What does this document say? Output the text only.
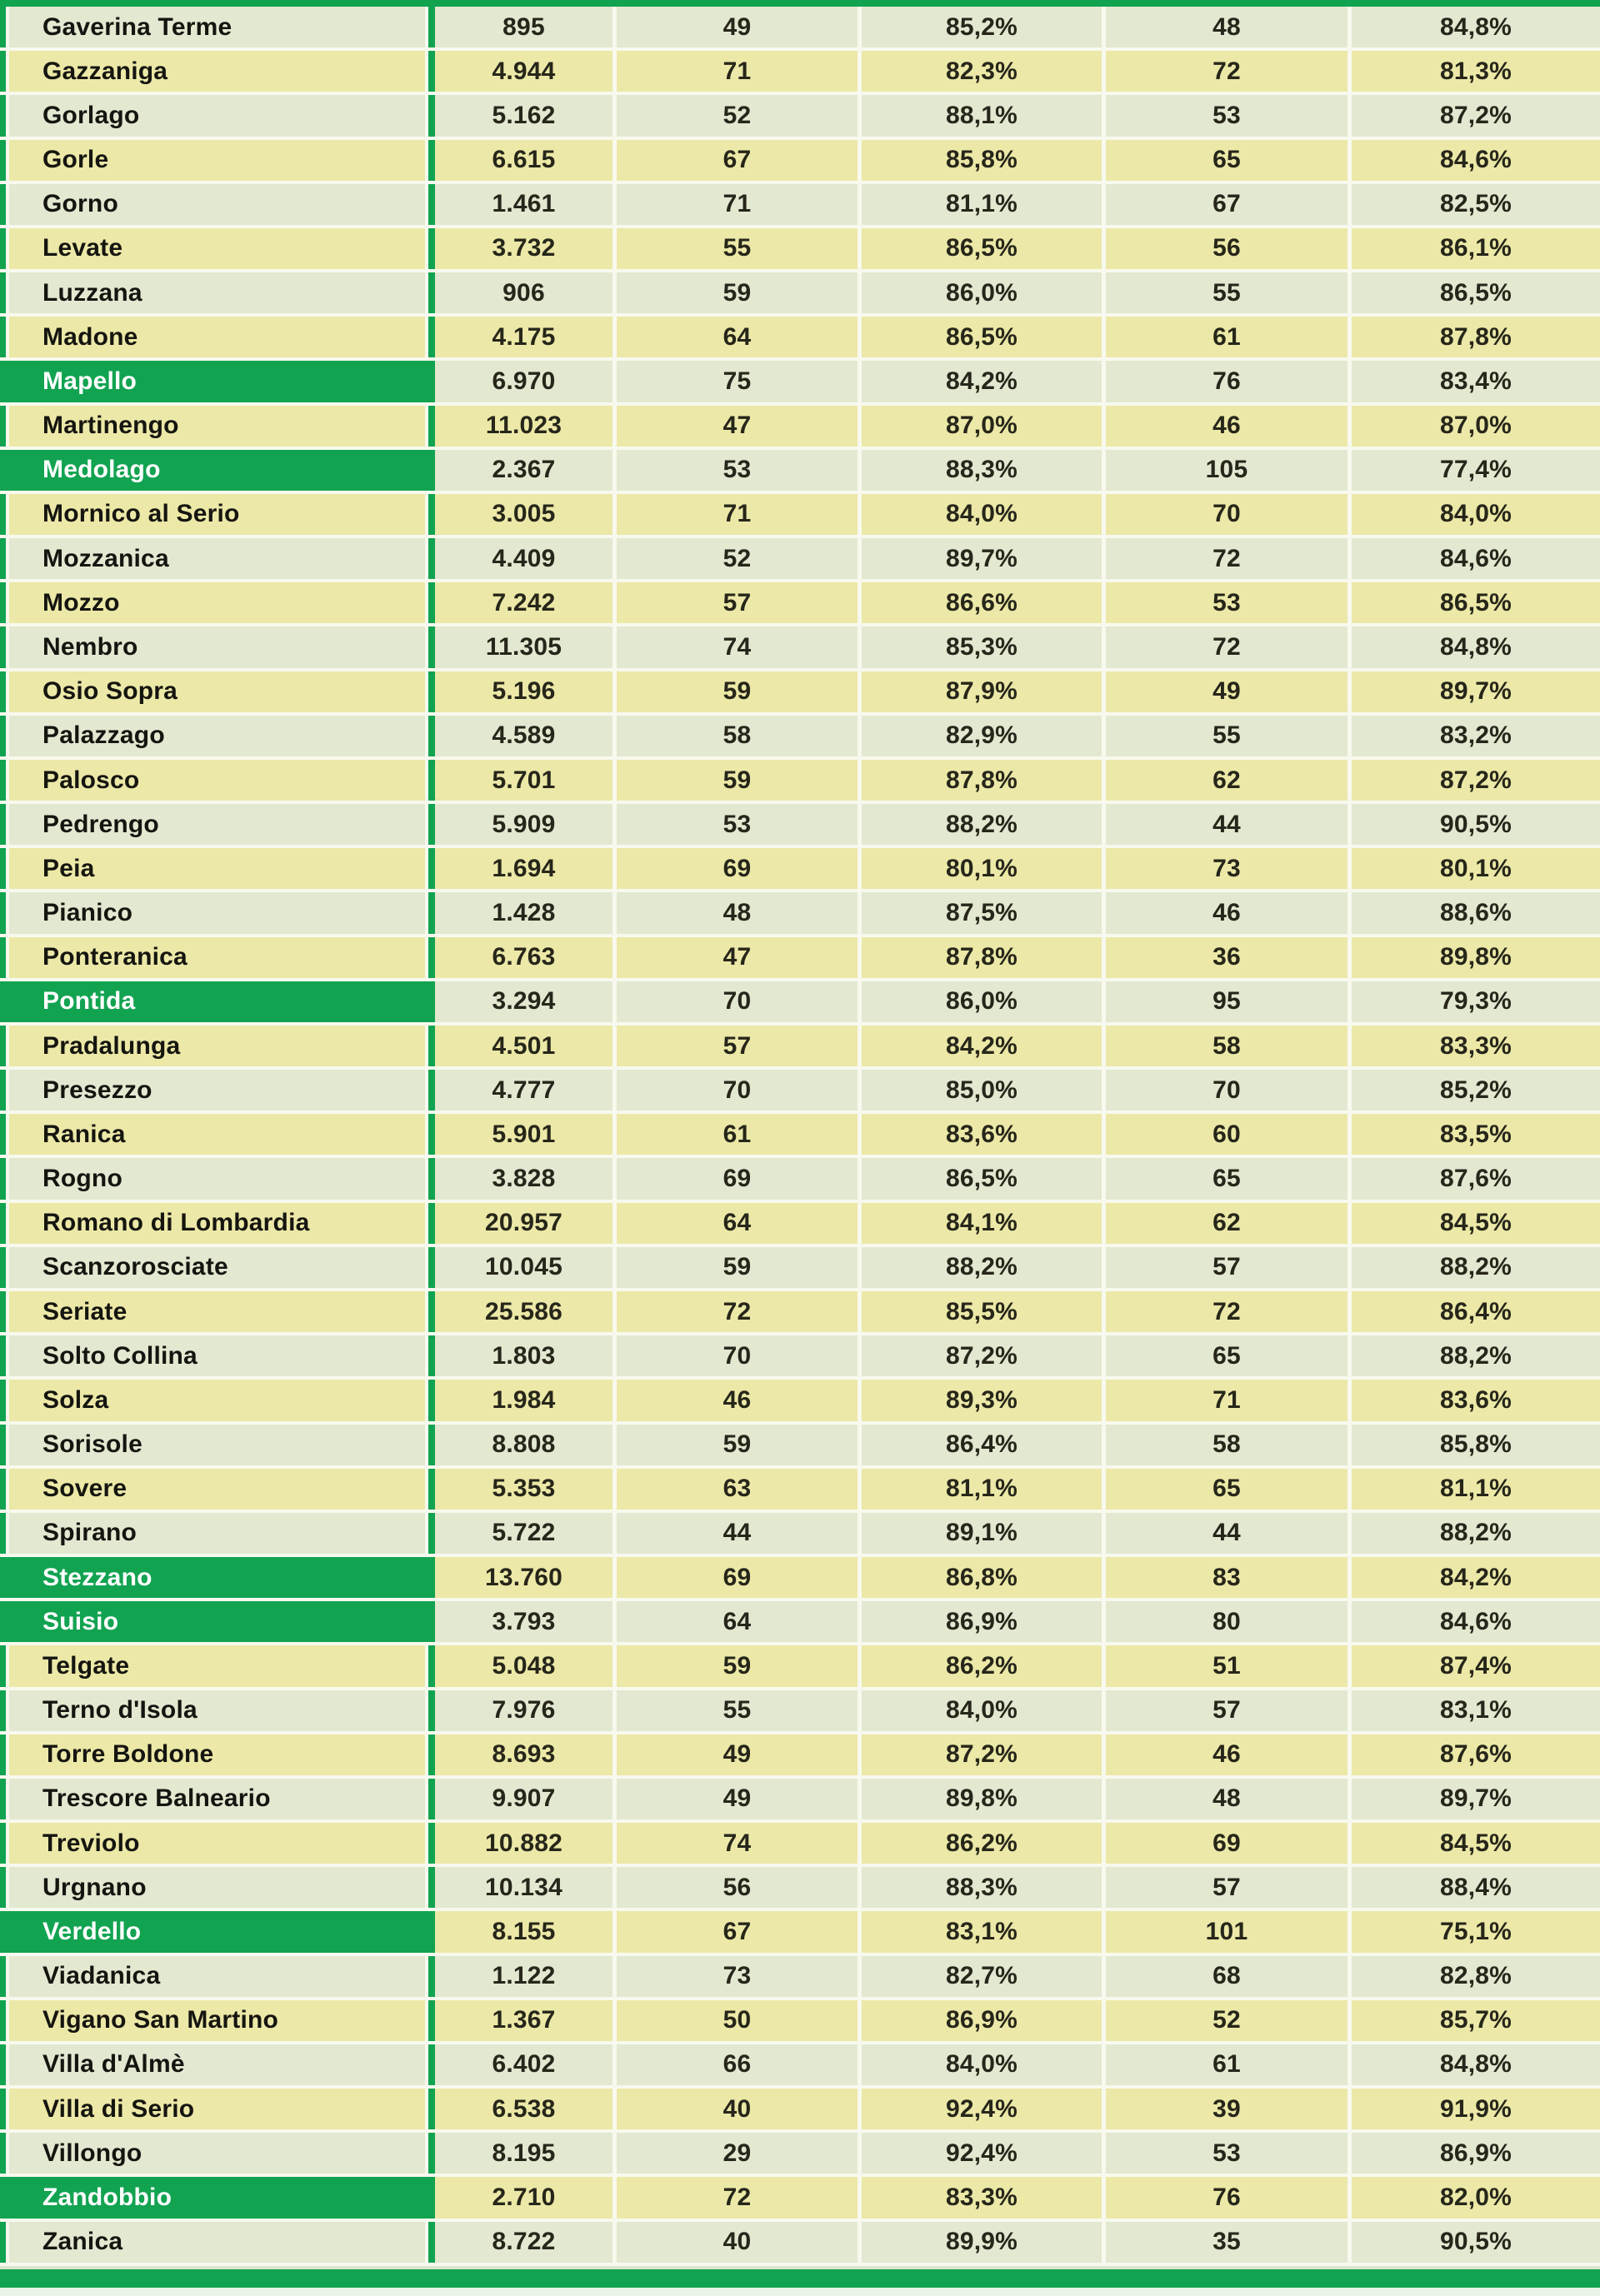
Gaverina Terme	895	49	85,2%	48	84,8%
Gazzaniga	4.944	71	82,3%	72	81,3%
Gorlago	5.162	52	88,1%	53	87,2%
Gorle	6.615	67	85,8%	65	84,6%
Gorno	1.461	71	81,1%	67	82,5%
Levate	3.732	55	86,5%	56	86,1%
Luzzana	906	59	86,0%	55	86,5%
Madone	4.175	64	86,5%	61	87,8%
Mapello	6.970	75	84,2%	76	83,4%
Martinengo	11.023	47	87,0%	46	87,0%
Medolago	2.367	53	88,3%	105	77,4%
Mornico al Serio	3.005	71	84,0%	70	84,0%
Mozzanica	4.409	52	89,7%	72	84,6%
Mozzo	7.242	57	86,6%	53	86,5%
Nembro	11.305	74	85,3%	72	84,8%
Osio Sopra	5.196	59	87,9%	49	89,7%
Palazzago	4.589	58	82,9%	55	83,2%
Palosco	5.701	59	87,8%	62	87,2%
Pedrengo	5.909	53	88,2%	44	90,5%
Peia	1.694	69	80,1%	73	80,1%
Pianico	1.428	48	87,5%	46	88,6%
Ponteranica	6.763	47	87,8%	36	89,8%
Pontida	3.294	70	86,0%	95	79,3%
Pradalunga	4.501	57	84,2%	58	83,3%
Presezzo	4.777	70	85,0%	70	85,2%
Ranica	5.901	61	83,6%	60	83,5%
Rogno	3.828	69	86,5%	65	87,6%
Romano di Lombardia	20.957	64	84,1%	62	84,5%
Scanzorosciate	10.045	59	88,2%	57	88,2%
Seriate	25.586	72	85,5%	72	86,4%
Solto Collina	1.803	70	87,2%	65	88,2%
Solza	1.984	46	89,3%	71	83,6%
Sorisole	8.808	59	86,4%	58	85,8%
Sovere	5.353	63	81,1%	65	81,1%
Spirano	5.722	44	89,1%	44	88,2%
Stezzano	13.760	69	86,8%	83	84,2%
Suisio	3.793	64	86,9%	80	84,6%
Telgate	5.048	59	86,2%	51	87,4%
Terno d'Isola	7.976	55	84,0%	57	83,1%
Torre Boldone	8.693	49	87,2%	46	87,6%
Trescore Balneario	9.907	49	89,8%	48	89,7%
Treviolo	10.882	74	86,2%	69	84,5%
Urgnano	10.134	56	88,3%	57	88,4%
Verdello	8.155	67	83,1%	101	75,1%
Viadanica	1.122	73	82,7%	68	82,8%
Vigano San Martino	1.367	50	86,9%	52	85,7%
Villa d'Almè	6.402	66	84,0%	61	84,8%
Villa di Serio	6.538	40	92,4%	39	91,9%
Villongo	8.195	29	92,4%	53	86,9%
Zandobbio	2.710	72	83,3%	76	82,0%
Zanica	8.722	40	89,9%	35	90,5%
